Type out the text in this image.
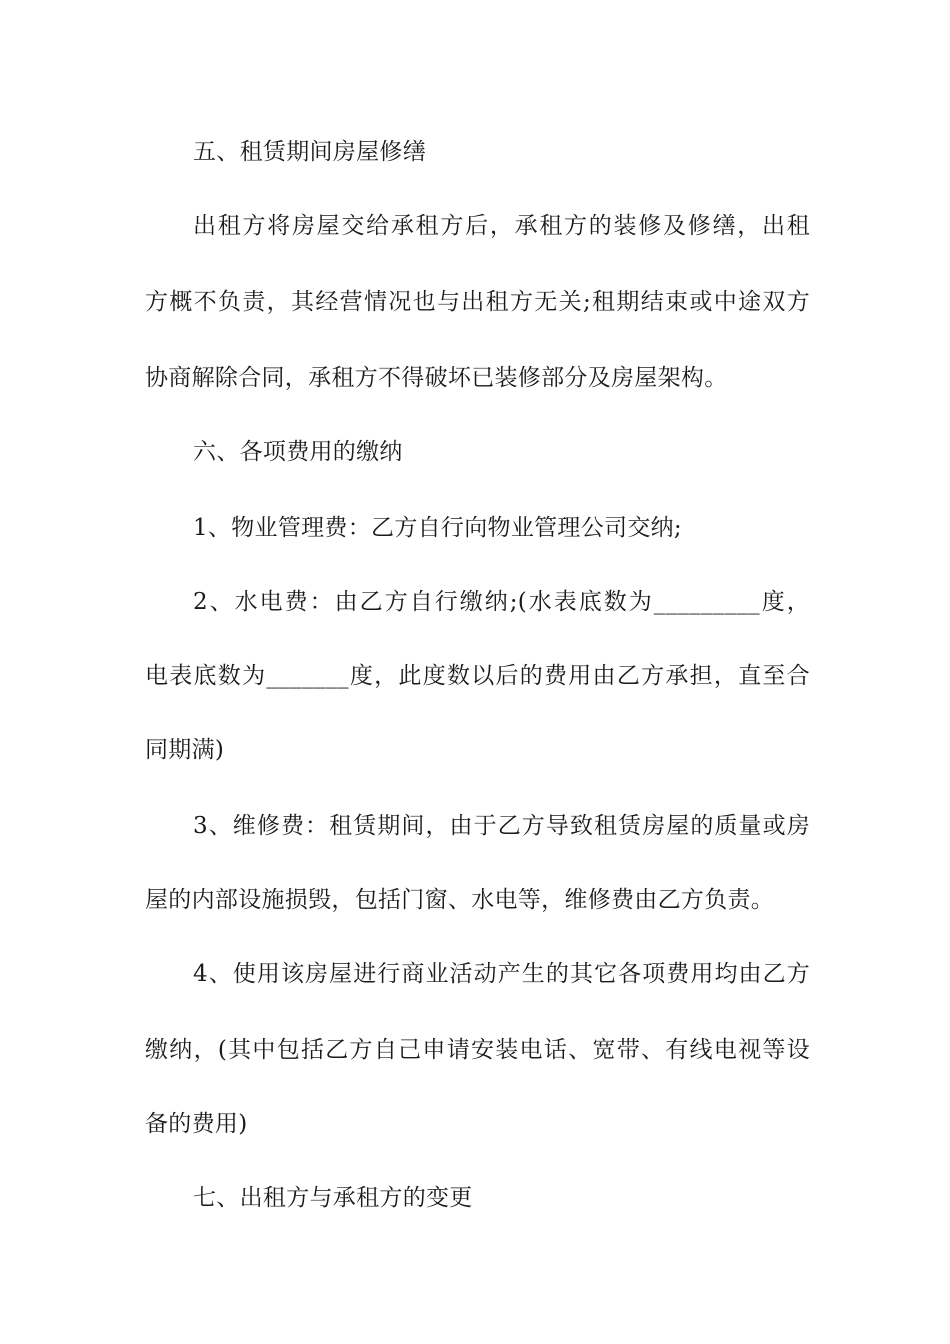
五、租赁期间房屋修缮
出租方将房屋交给承租方后，承租方的装修及修缮，出租
方概不负责，其经营情况也与出租方无关;租期结束或中途双方
协商解除合同，承租方不得破坏已装修部分及房屋架构。
六、各项费用的缴纳
1、物业管理费：乙方自行向物业管理公司交纳;
2、水电费：由乙方自行缴纳;(水表底数为_________度，
电表底数为_______度，此度数以后的费用由乙方承担，直至合
同期满)
3、维修费：租赁期间，由于乙方导致租赁房屋的质量或房
屋的内部设施损毁，包括门窗、水电等，维修费由乙方负责。
4、使用该房屋进行商业活动产生的其它各项费用均由乙方
缴纳，(其中包括乙方自己申请安装电话、宽带、有线电视等设
备的费用)
七、出租方与承租方的变更
